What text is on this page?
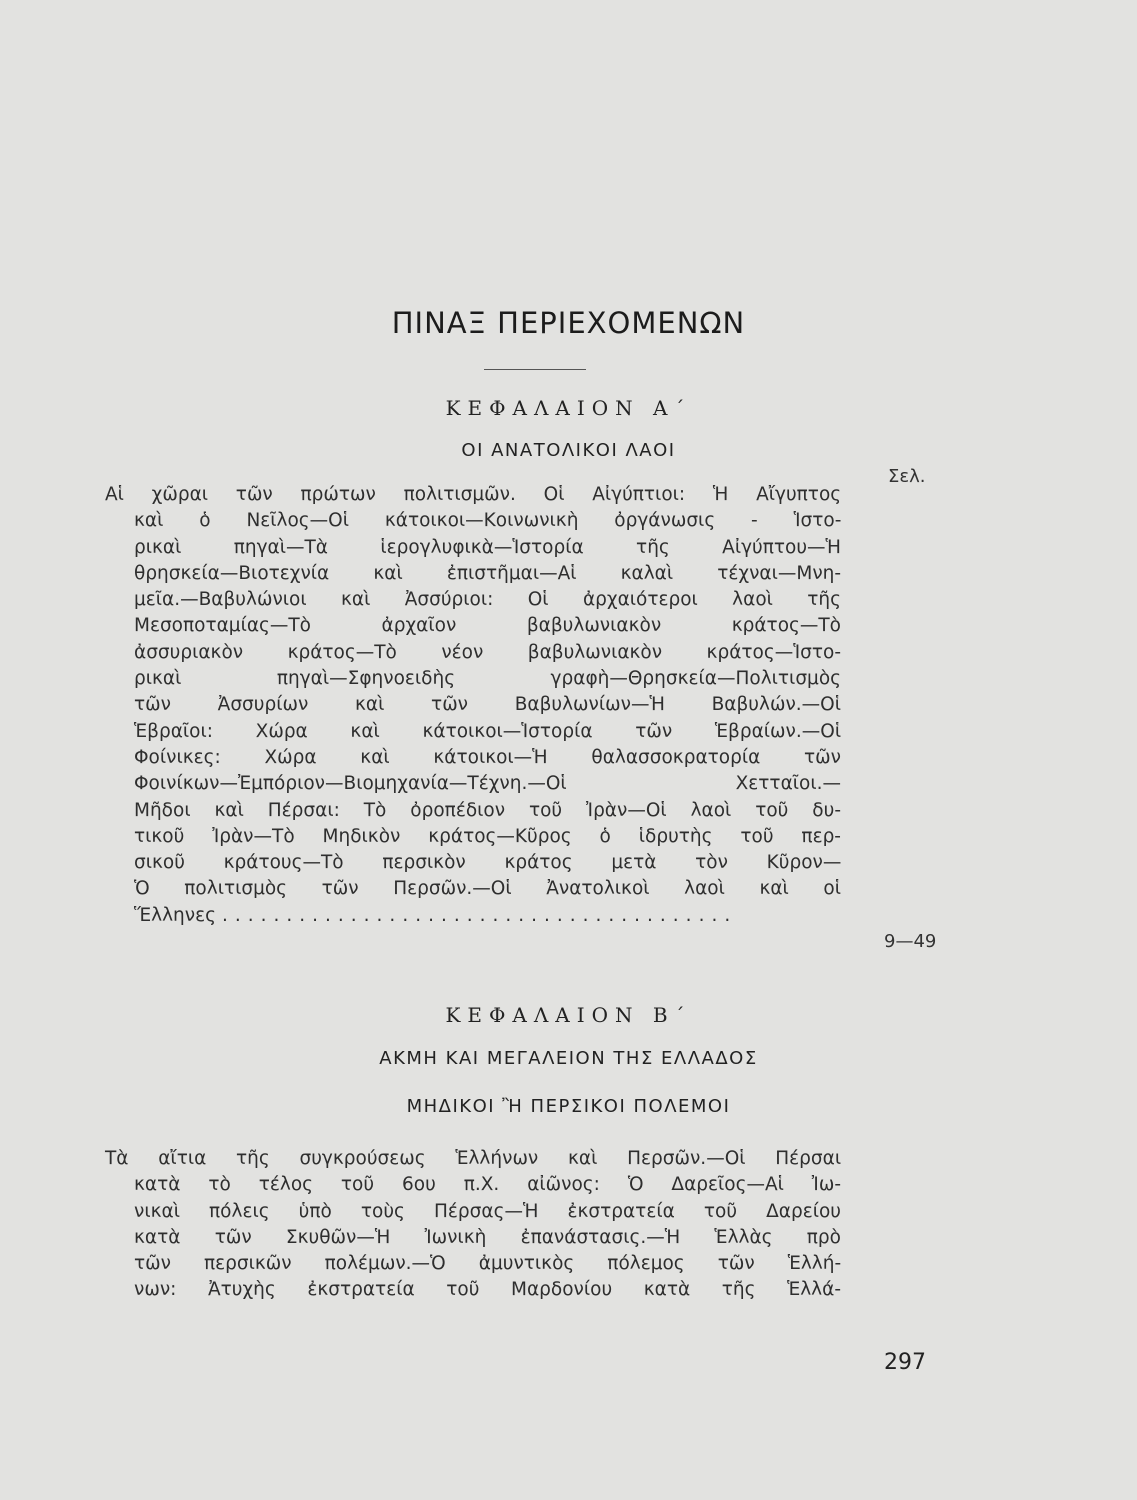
ΠΙΝΑΞ ΠΕΡΙΕΧΟΜΕΝΩΝ
ΚΕΦΑΛΑΙΟΝ Α΄
ΟΙ ΑΝΑΤΟΛΙΚΟΙ ΛΑΟΙ
Σελ.
Αἱ χῶραι τῶν πρώτων πολιτισμῶν. Οἱ Αἰγύπτιοι: Ἡ Αἴγυπτος
καὶ ὁ Νεῖλος—Οἱ κάτοικοι—Κοινωνικὴ ὀργάνωσις - Ἱστο-
ρικαὶ πηγαὶ—Τὰ ἱερογλυφικὰ—Ἱστορία τῆς Αἰγύπτου—Ἡ
θρησκεία—Βιοτεχνία καὶ ἐπιστῆμαι—Αἱ καλαὶ τέχναι—Μνη-
μεῖα.—Βαβυλώνιοι καὶ Ἀσσύριοι: Οἱ ἀρχαιότεροι λαοὶ τῆς
Μεσοποταμίας—Τὸ ἀρχαῖον βαβυλωνιακὸν κράτος—Τὸ
ἀσσυριακὸν κράτος—Τὸ νέον βαβυλωνιακὸν κράτος—Ἱστο-
ρικαὶ πηγαὶ—Σφηνοειδὴς γραφὴ—Θρησκεία—Πολιτισμὸς
τῶν Ἀσσυρίων καὶ τῶν Βαβυλωνίων—Ἡ Βαβυλών.—Οἱ
Ἑβραῖοι: Χώρα καὶ κάτοικοι—Ἱστορία τῶν Ἑβραίων.—Οἱ
Φοίνικες: Χώρα καὶ κάτοικοι—Ἡ θαλασσοκρατορία τῶν
Φοινίκων—Ἐμπόριον—Βιομηχανία—Τέχνη.—Οἱ Χετταῖοι.—
Μῆδοι καὶ Πέρσαι: Τὸ ὀροπέδιον τοῦ Ἰρὰν—Οἱ λαοὶ τοῦ δυ-
τικοῦ Ἰρὰν—Τὸ Μηδικὸν κράτος—Κῦρος ὁ ἱδρυτὴς τοῦ περ-
σικοῦ κράτους—Τὸ περσικὸν κράτος μετὰ τὸν Κῦρον—
Ὁ πολιτισμὸς τῶν Περσῶν.—Οἱ Ἀνατολικοὶ λαοὶ καὶ οἱ
Ἕλληνες ........................................
9—49
ΚΕΦΑΛΑΙΟΝ Β΄
ΑΚΜΗ ΚΑΙ ΜΕΓΑΛΕΙΟΝ ΤΗΣ ΕΛΛΑΔΟΣ
ΜΗΔΙΚΟΙ Ἢ ΠΕΡΣΙΚΟΙ ΠΟΛΕΜΟΙ
Τὰ αἴτια τῆς συγκρούσεως Ἑλλήνων καὶ Περσῶν.—Οἱ Πέρσαι
κατὰ τὸ τέλος τοῦ 6ου π.Χ. αἰῶνος: Ὁ Δαρεῖος—Αἱ Ἰω-
νικαὶ πόλεις ὑπὸ τοὺς Πέρσας—Ἡ ἐκστρατεία τοῦ Δαρείου
κατὰ τῶν Σκυθῶν—Ἡ Ἰωνικὴ ἐπανάστασις.—Ἡ Ἑλλὰς πρὸ
τῶν περσικῶν πολέμων.—Ὁ ἀμυντικὸς πόλεμος τῶν Ἑλλή-
νων: Ἀτυχὴς ἐκστρατεία τοῦ Μαρδονίου κατὰ τῆς Ἑλλά-
297
